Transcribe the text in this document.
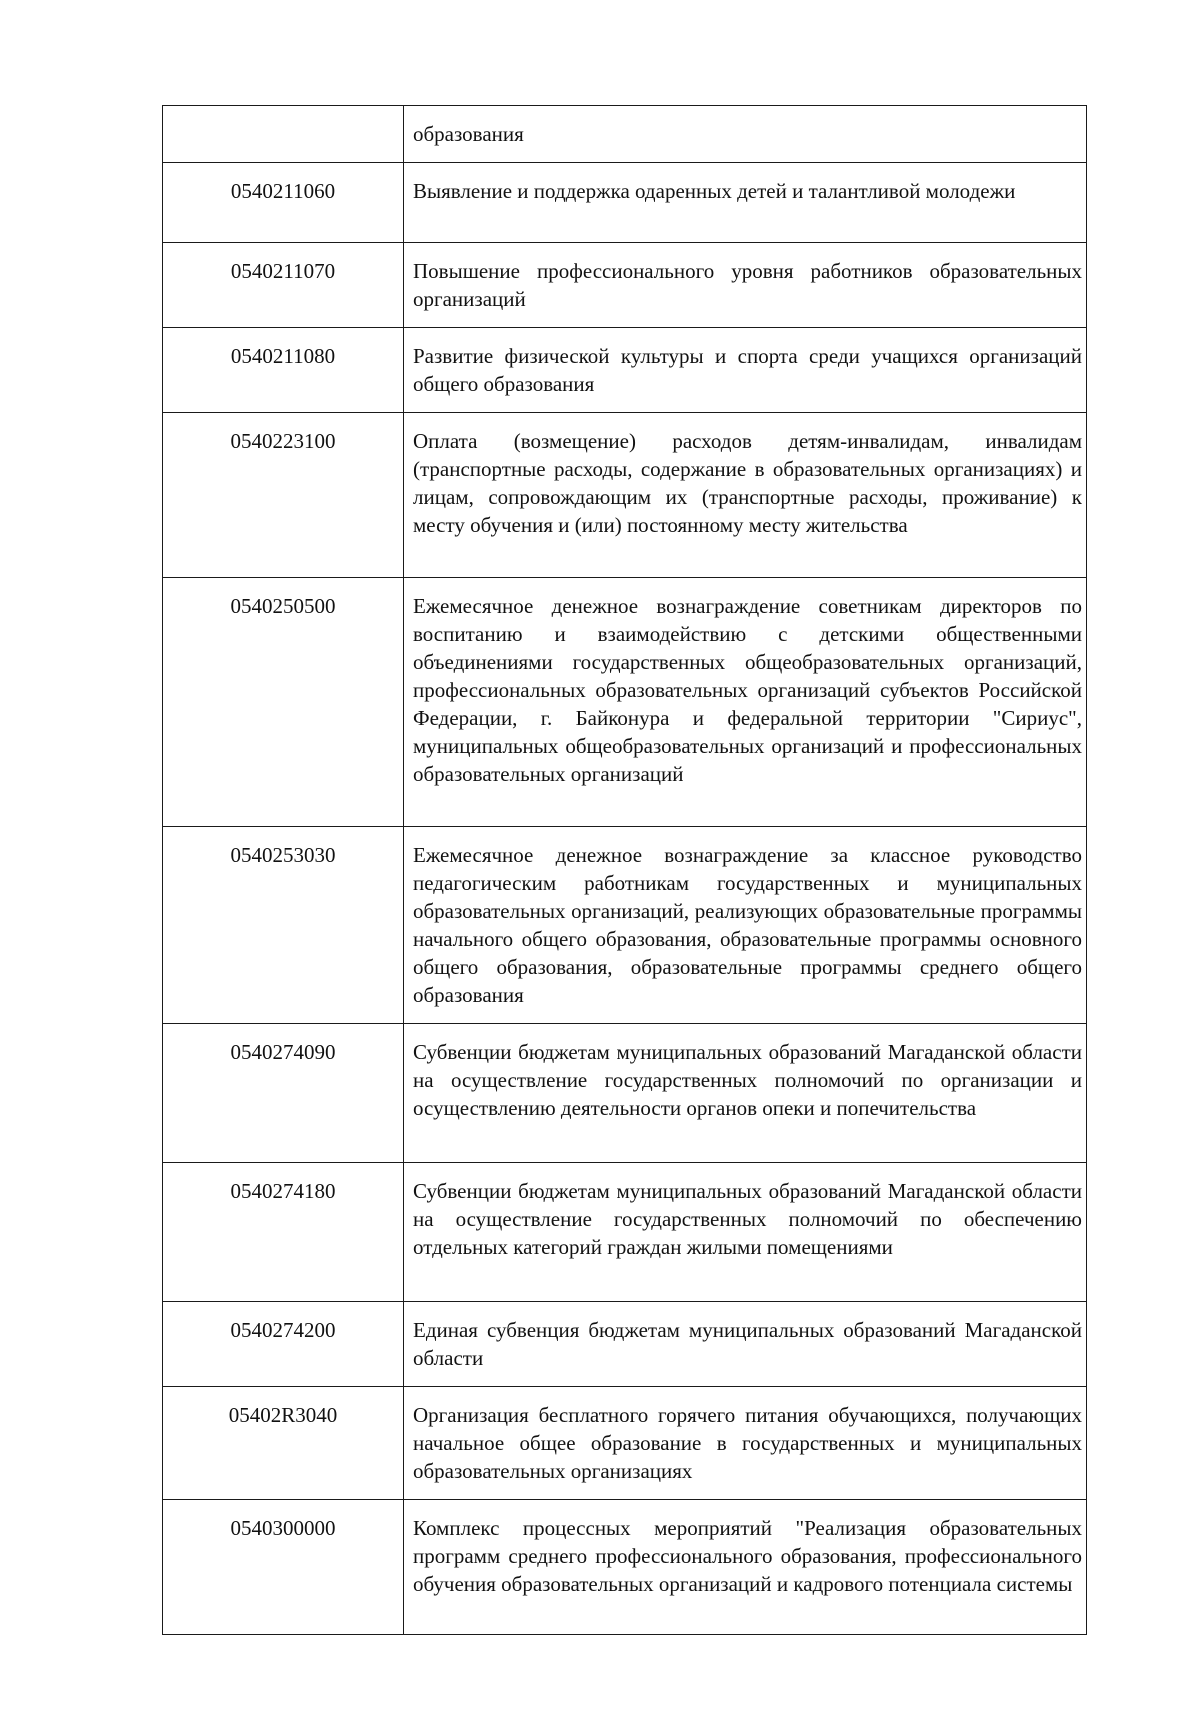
	образования
0540211060	Выявление и поддержка одаренных детей и талантливой молодежи
0540211070	Повышение профессионального уровня работников образовательных организаций
0540211080	Развитие физической культуры и спорта среди учащихся организаций общего образования
0540223100	Оплата (возмещение) расходов детям-инвалидам, инвалидам (транспортные расходы, содержание в образовательных организациях) и лицам, сопровождающим их (транспортные расходы, проживание) к месту обучения и (или) постоянному месту жительства
0540250500	Ежемесячное денежное вознаграждение советникам директоров по воспитанию и взаимодействию с детскими общественными объединениями государственных общеобразовательных организаций, профессиональных образовательных организаций субъектов Российской Федерации, г. Байконура и федеральной территории "Сириус", муниципальных общеобразовательных организаций и профессиональных образовательных организаций
0540253030	Ежемесячное денежное вознаграждение за классное руководство педагогическим работникам государственных и муниципальных образовательных организаций, реализующих образовательные программы начального общего образования, образовательные программы основного общего образования, образовательные программы среднего общего образования
0540274090	Субвенции бюджетам муниципальных образований Магаданской области на осуществление государственных полномочий по организации и осуществлению деятельности органов опеки и попечительства
0540274180	Субвенции бюджетам муниципальных образований Магаданской области на осуществление государственных полномочий по обеспечению отдельных категорий граждан жилыми помещениями
0540274200	Единая субвенция бюджетам муниципальных образований Магаданской области
05402R3040	Организация бесплатного горячего питания обучающихся, получающих начальное общее образование в государственных и муниципальных образовательных организациях
0540300000	Комплекс процессных мероприятий "Реализация образовательных программ среднего профессионального образования, профессионального обучения образовательных организаций и кадрового потенциала системы
